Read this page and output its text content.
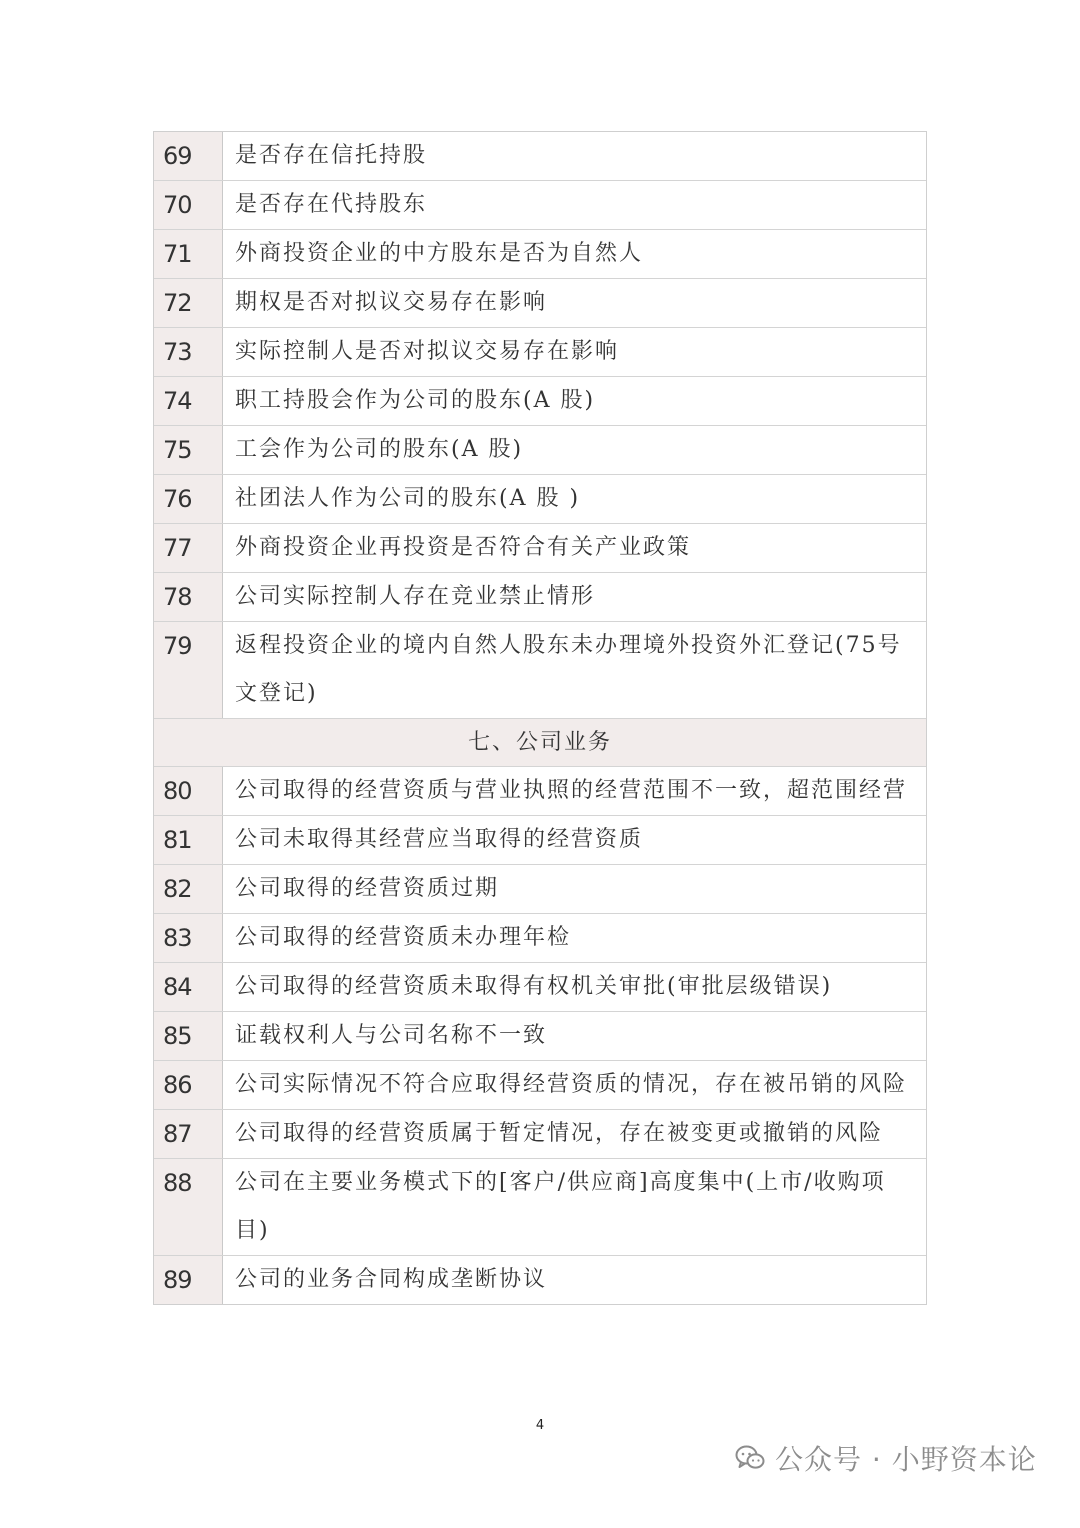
69	是否存在信托持股
70	是否存在代持股东
71	外商投资企业的中方股东是否为自然人
72	期权是否对拟议交易存在影响
73	实际控制人是否对拟议交易存在影响
74	职工持股会作为公司的股东(A 股)
75	工会作为公司的股东(A 股)
76	社团法人作为公司的股东(A 股 )
77	外商投资企业再投资是否符合有关产业政策
78	公司实际控制人存在竞业禁止情形
79	返程投资企业的境内自然人股东未办理境外投资外汇登记(75号文登记)
七、公司业务
80	公司取得的经营资质与营业执照的经营范围不一致，超范围经营
81	公司未取得其经营应当取得的经营资质
82	公司取得的经营资质过期
83	公司取得的经营资质未办理年检
84	公司取得的经营资质未取得有权机关审批(审批层级错误)
85	证载权利人与公司名称不一致
86	公司实际情况不符合应取得经营资质的情况，存在被吊销的风险
87	公司取得的经营资质属于暂定情况，存在被变更或撤销的风险
88	公司在主要业务模式下的[客户/供应商]高度集中(上市/收购项目)
89	公司的业务合同构成垄断协议
4
公众号 · 小野资本论
